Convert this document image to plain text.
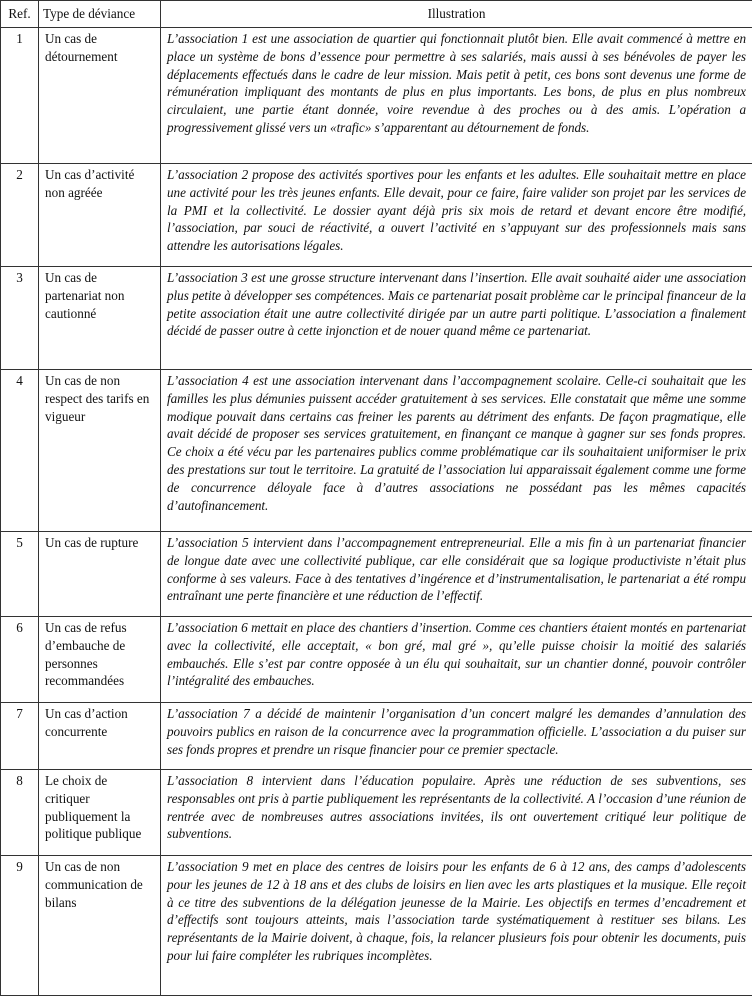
Ref.	Type de déviance	Illustration
1	Un cas de détournement	L’association 1 est une association de quartier qui fonctionnait plutôt bien. Elle avait commencé à mettre en place un système de bons d’essence pour permettre à ses salariés, mais aussi à ses bénévoles de payer les déplacements effectués dans le cadre de leur mission. Mais petit à petit, ces bons sont devenus une forme de rémunération impliquant des montants de plus en plus importants. Les bons, de plus en plus nombreux circulaient, une partie étant donnée, voire revendue à des proches ou à des amis. L’opération a progressivement glissé vers un «trafic» s’apparentant au détournement de fonds.
2	Un cas d’activité non agréée	L’association 2 propose des activités sportives pour les enfants et les adultes. Elle souhaitait mettre en place une activité pour les très jeunes enfants. Elle devait, pour ce faire, faire valider son projet par les services de la PMI et la collectivité. Le dossier ayant déjà pris six mois de retard et devant encore être modifié, l’association, par souci de réactivité, a ouvert l’activité en s’appuyant sur des professionnels mais sans attendre les autorisations légales.
3	Un cas de partenariat non cautionné	L’association 3 est une grosse structure intervenant dans l’insertion. Elle avait souhaité aider une association plus petite à développer ses compétences. Mais ce partenariat posait problème car le principal financeur de la petite association était une autre collectivité dirigée par un autre parti politique. L’association a finalement décidé de passer outre à cette injonction et de nouer quand même ce partenariat.
4	Un cas de non respect des tarifs en vigueur	L’association 4 est une association intervenant dans l’accompagnement scolaire. Celle-ci souhaitait que les familles les plus démunies puissent accéder gratuitement à ses services. Elle constatait que même une somme modique pouvait dans certains cas freiner les parents au détriment des enfants. De façon pragmatique, elle avait décidé de proposer ses services gratuitement, en finançant ce manque à gagner sur ses fonds propres. Ce choix a été vécu par les partenaires publics comme problématique car ils souhaitaient uniformiser le prix des prestations sur tout le territoire. La gratuité de l’association lui apparaissait également comme une forme de concurrence déloyale face à d’autres associations ne possédant pas les mêmes capacités d’autofinancement.
5	Un cas de rupture	L’association 5 intervient dans l’accompagnement entrepreneurial. Elle a mis fin à un partenariat financier de longue date avec une collectivité publique, car elle considérait que sa logique productiviste n’était plus conforme à ses valeurs. Face à des tentatives d’ingérence et d’instrumentalisation, le partenariat a été rompu entraînant une perte financière et une réduction de l’effectif.
6	Un cas de refus d’embauche de personnes recommandées	L’association 6 mettait en place des chantiers d’insertion. Comme ces chantiers étaient montés en partenariat avec la collectivité, elle acceptait, « bon gré, mal gré », qu’elle puisse choisir la moitié des salariés embauchés. Elle s’est par contre opposée à un élu qui souhaitait, sur un chantier donné, pouvoir contrôler l’intégralité des embauches.
7	Un cas d’action concurrente	L’association 7 a décidé de maintenir l’organisation d’un concert malgré les demandes d’annulation des pouvoirs publics en raison de la concurrence avec la programmation officielle. L’association a du puiser sur ses fonds propres et prendre un risque financier pour ce premier spectacle.
8	Le choix de critiquer publiquement la politique publique	L’association 8 intervient dans l’éducation populaire. Après une réduction de ses subventions, ses responsables ont pris à partie publiquement les représentants de la collectivité. A l’occasion d’une réunion de rentrée avec de nombreuses autres associations invitées, ils ont ouvertement critiqué leur politique de subventions.
9	Un cas de non communication de bilans	L’association 9 met en place des centres de loisirs pour les enfants de 6 à 12 ans, des camps d’adolescents pour les jeunes de 12 à 18 ans et des clubs de loisirs en lien avec les arts plastiques et la musique. Elle reçoit à ce titre des subventions de la délégation jeunesse de la Mairie. Les objectifs en termes d’encadrement et d’effectifs sont toujours atteints, mais l’association tarde systématiquement à restituer ses bilans. Les représentants de la Mairie doivent, à chaque, fois, la relancer plusieurs fois pour obtenir les documents, puis pour lui faire compléter les rubriques incomplètes.
